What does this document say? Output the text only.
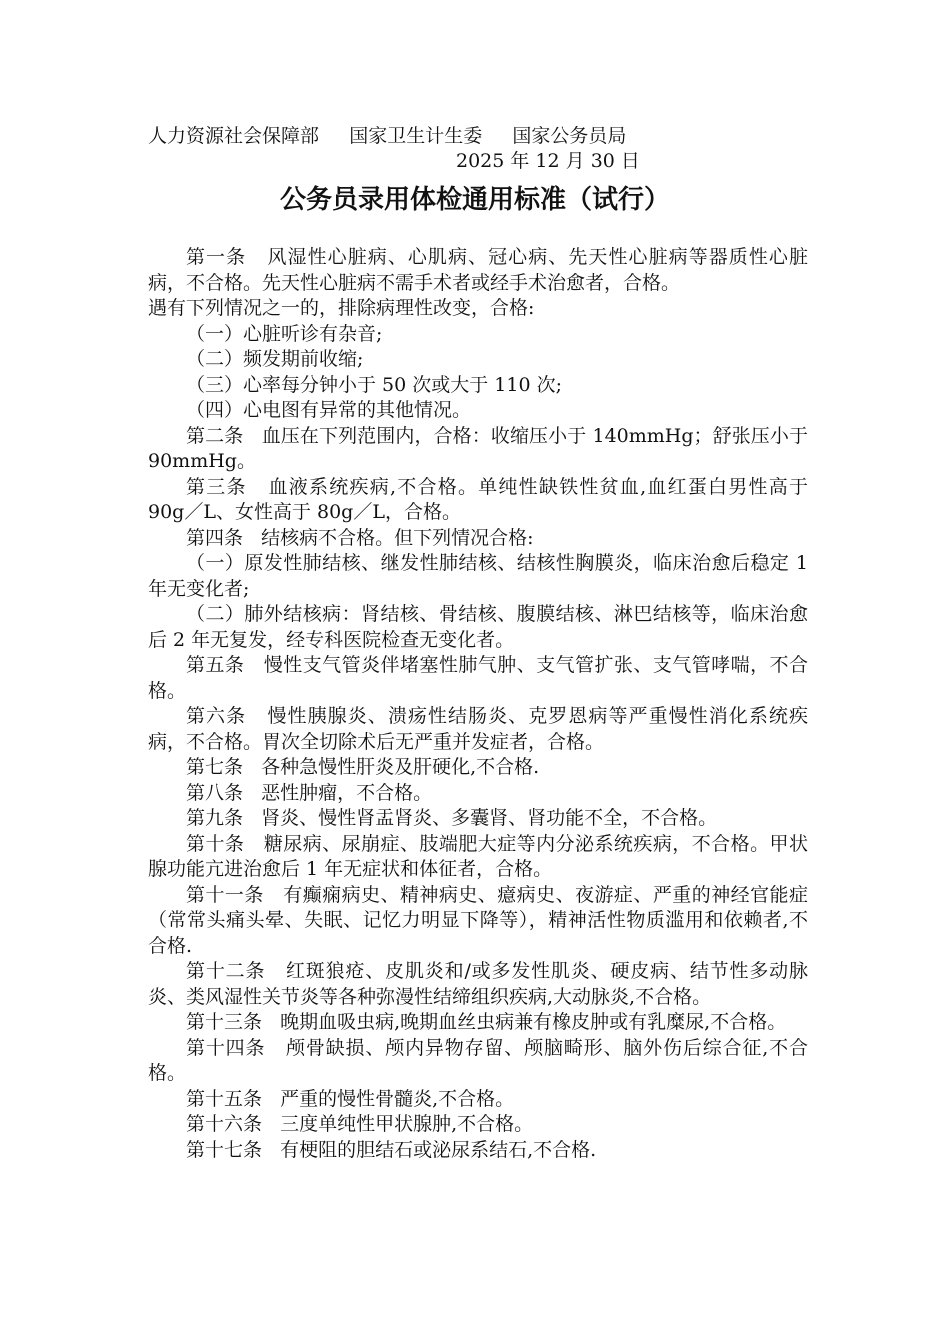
人力资源社会保障部     国家卫生计生委     国家公务员局
2025 年 12 月 30 日
公务员录用体检通用标准（试行）

第一条   风湿性心脏病、心肌病、冠心病、先天性心脏病等器质性心脏病，不合格。先天性心脏病不需手术者或经手术治愈者，合格。

遇有下列情况之一的，排除病理性改变，合格:

（一）心脏听诊有杂音;

（二）频发期前收缩;

（三）心率每分钟小于 50 次或大于 110 次;

（四）心电图有异常的其他情况。

第二条   血压在下列范围内，合格：收缩压小于 140mmHg；舒张压小于 90mmHg。

第三条   血液系统疾病,不合格。单纯性缺铁性贫血,血红蛋白男性高于 90g／L、女性高于 80g／L，合格。

第四条   结核病不合格。但下列情况合格:

（一）原发性肺结核、继发性肺结核、结核性胸膜炎，临床治愈后稳定 1 年无变化者;

（二）肺外结核病：肾结核、骨结核、腹膜结核、淋巴结核等，临床治愈后 2 年无复发，经专科医院检查无变化者。

第五条   慢性支气管炎伴堵塞性肺气肿、支气管扩张、支气管哮喘，不合格。

第六条   慢性胰腺炎、溃疡性结肠炎、克罗恩病等严重慢性消化系统疾病，不合格。胃次全切除术后无严重并发症者，合格。

第七条   各种急慢性肝炎及肝硬化,不合格.

第八条   恶性肿瘤，不合格。

第九条   肾炎、慢性肾盂肾炎、多囊肾、肾功能不全，不合格。

第十条   糖尿病、尿崩症、肢端肥大症等内分泌系统疾病，不合格。甲状腺功能亢进治愈后 1 年无症状和体征者，合格。

第十一条   有癫痫病史、精神病史、癔病史、夜游症、严重的神经官能症（常常头痛头晕、失眠、记忆力明显下降等），精神活性物质滥用和依赖者,不合格.

第十二条   红斑狼疮、皮肌炎和/或多发性肌炎、硬皮病、结节性多动脉炎、类风湿性关节炎等各种弥漫性结缔组织疾病,大动脉炎,不合格。

第十三条   晚期血吸虫病,晚期血丝虫病兼有橡皮肿或有乳糜尿,不合格。

第十四条   颅骨缺损、颅内异物存留、颅脑畸形、脑外伤后综合征,不合格。

第十五条   严重的慢性骨髓炎,不合格。

第十六条   三度单纯性甲状腺肿,不合格。

第十七条   有梗阻的胆结石或泌尿系结石,不合格.
